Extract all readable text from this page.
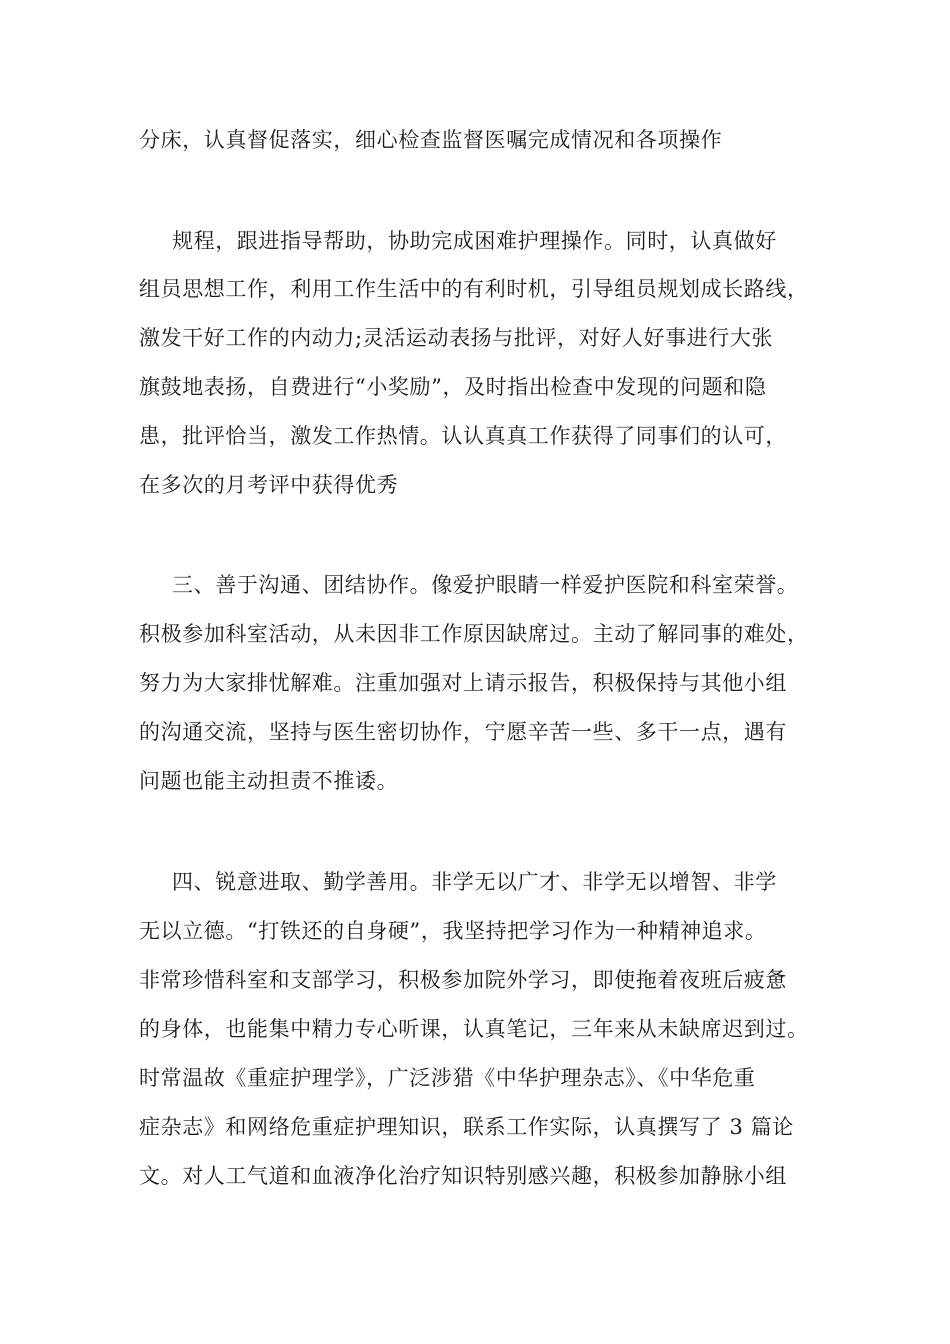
分床，认真督促落实，细心检查监督医嘱完成情况和各项操作
规程，跟进指导帮助，协助完成困难护理操作。同时，认真做好
组员思想工作，利用工作生活中的有利时机，引导组员规划成长路线，
激发干好工作的内动力;灵活运动表扬与批评，对好人好事进行大张
旗鼓地表扬，自费进行“小奖励”，及时指出检查中发现的问题和隐
患，批评恰当，激发工作热情。认认真真工作获得了同事们的认可，
在多次的月考评中获得优秀
三、善于沟通、团结协作。像爱护眼睛一样爱护医院和科室荣誉。
积极参加科室活动，从未因非工作原因缺席过。主动了解同事的难处，
努力为大家排忧解难。注重加强对上请示报告，积极保持与其他小组
的沟通交流，坚持与医生密切协作，宁愿辛苦一些、多干一点，遇有
问题也能主动担责不推诿。
四、锐意进取、勤学善用。非学无以广才、非学无以增智、非学
无以立德。“打铁还的自身硬”，我坚持把学习作为一种精神追求。
非常珍惜科室和支部学习，积极参加院外学习，即使拖着夜班后疲惫
的身体，也能集中精力专心听课，认真笔记，三年来从未缺席迟到过。
时常温故《重症护理学》，广泛涉猎《中华护理杂志》、《中华危重
症杂志》和网络危重症护理知识，联系工作实际，认真撰写了 3 篇论
文。对人工气道和血液净化治疗知识特别感兴趣，积极参加静脉小组
